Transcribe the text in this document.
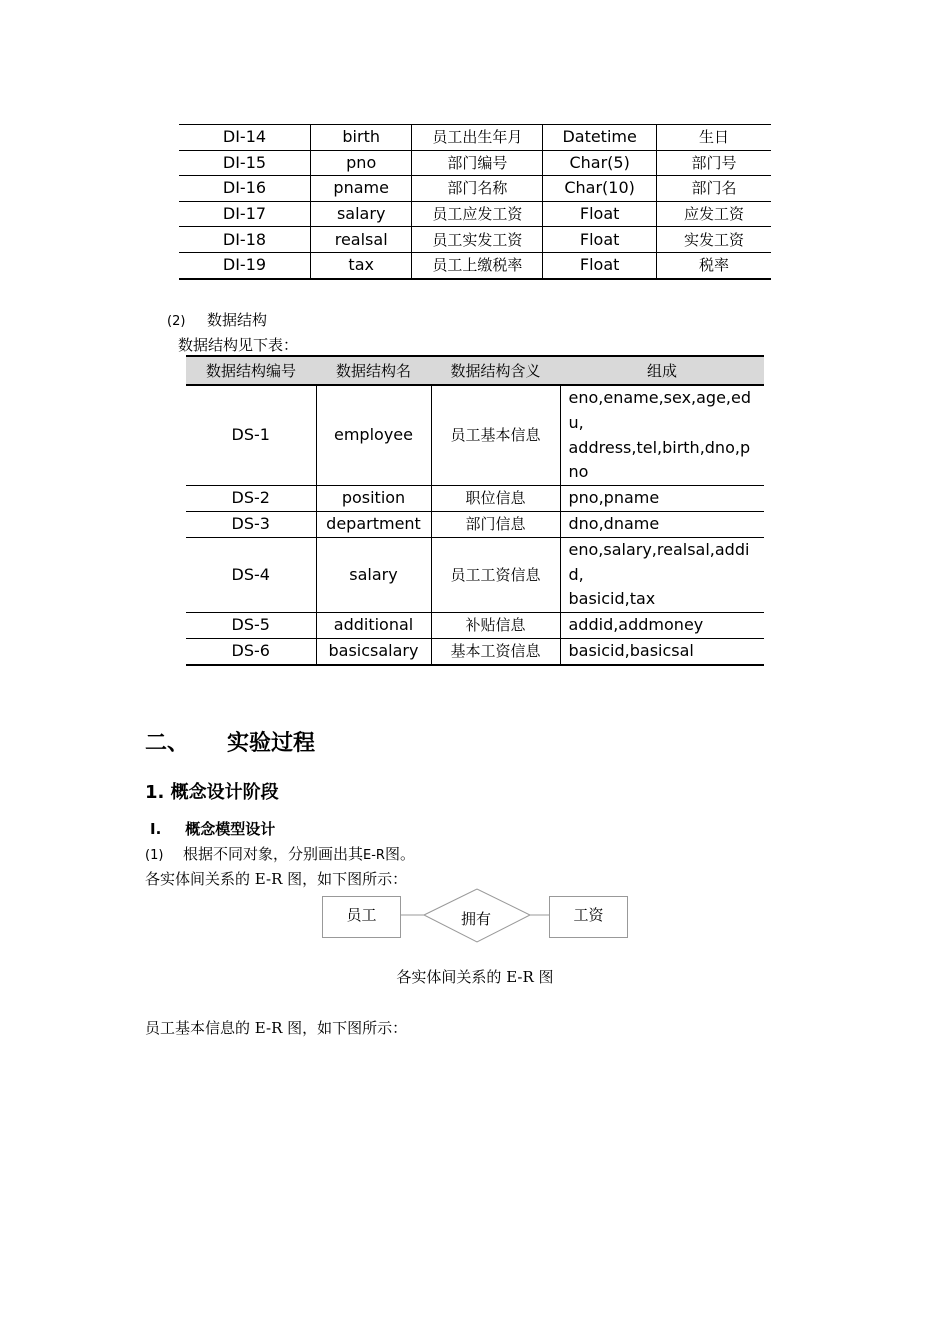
DI-14	birth	员工出生年月	Datetime	生日
DI-15	pno	部门编号	Char(5)	部门号
DI-16	pname	部门名称	Char(10)	部门名
DI-17	salary	员工应发工资	Float	应发工资
DI-18	realsal	员工实发工资	Float	实发工资
DI-19	tax	员工上缴税率	Float	税率
(2) 数据结构
数据结构见下表：
数据结构编号	数据结构名	数据结构含义	组成
DS-1	employee	员工基本信息	eno,ename,sex,age,edu,
address,tel,birth,dno,pno
DS-2	position	职位信息	pno,pname
DS-3	department	部门信息	dno,dname
DS-4	salary	员工工资信息	eno,salary,realsal,addid,
basicid,tax
DS-5	additional	补贴信息	addid,addmoney
DS-6	basicsalary	基本工资信息	basicid,basicsal
二、 实验过程
1. 概念设计阶段
I. 概念模型设计
(1) 根据不同对象，分别画出其E-R图。
各实体间关系的 E-R 图，如下图所示：
员工	拥有	工资
各实体间关系的 E-R 图
员工基本信息的 E-R 图，如下图所示：
